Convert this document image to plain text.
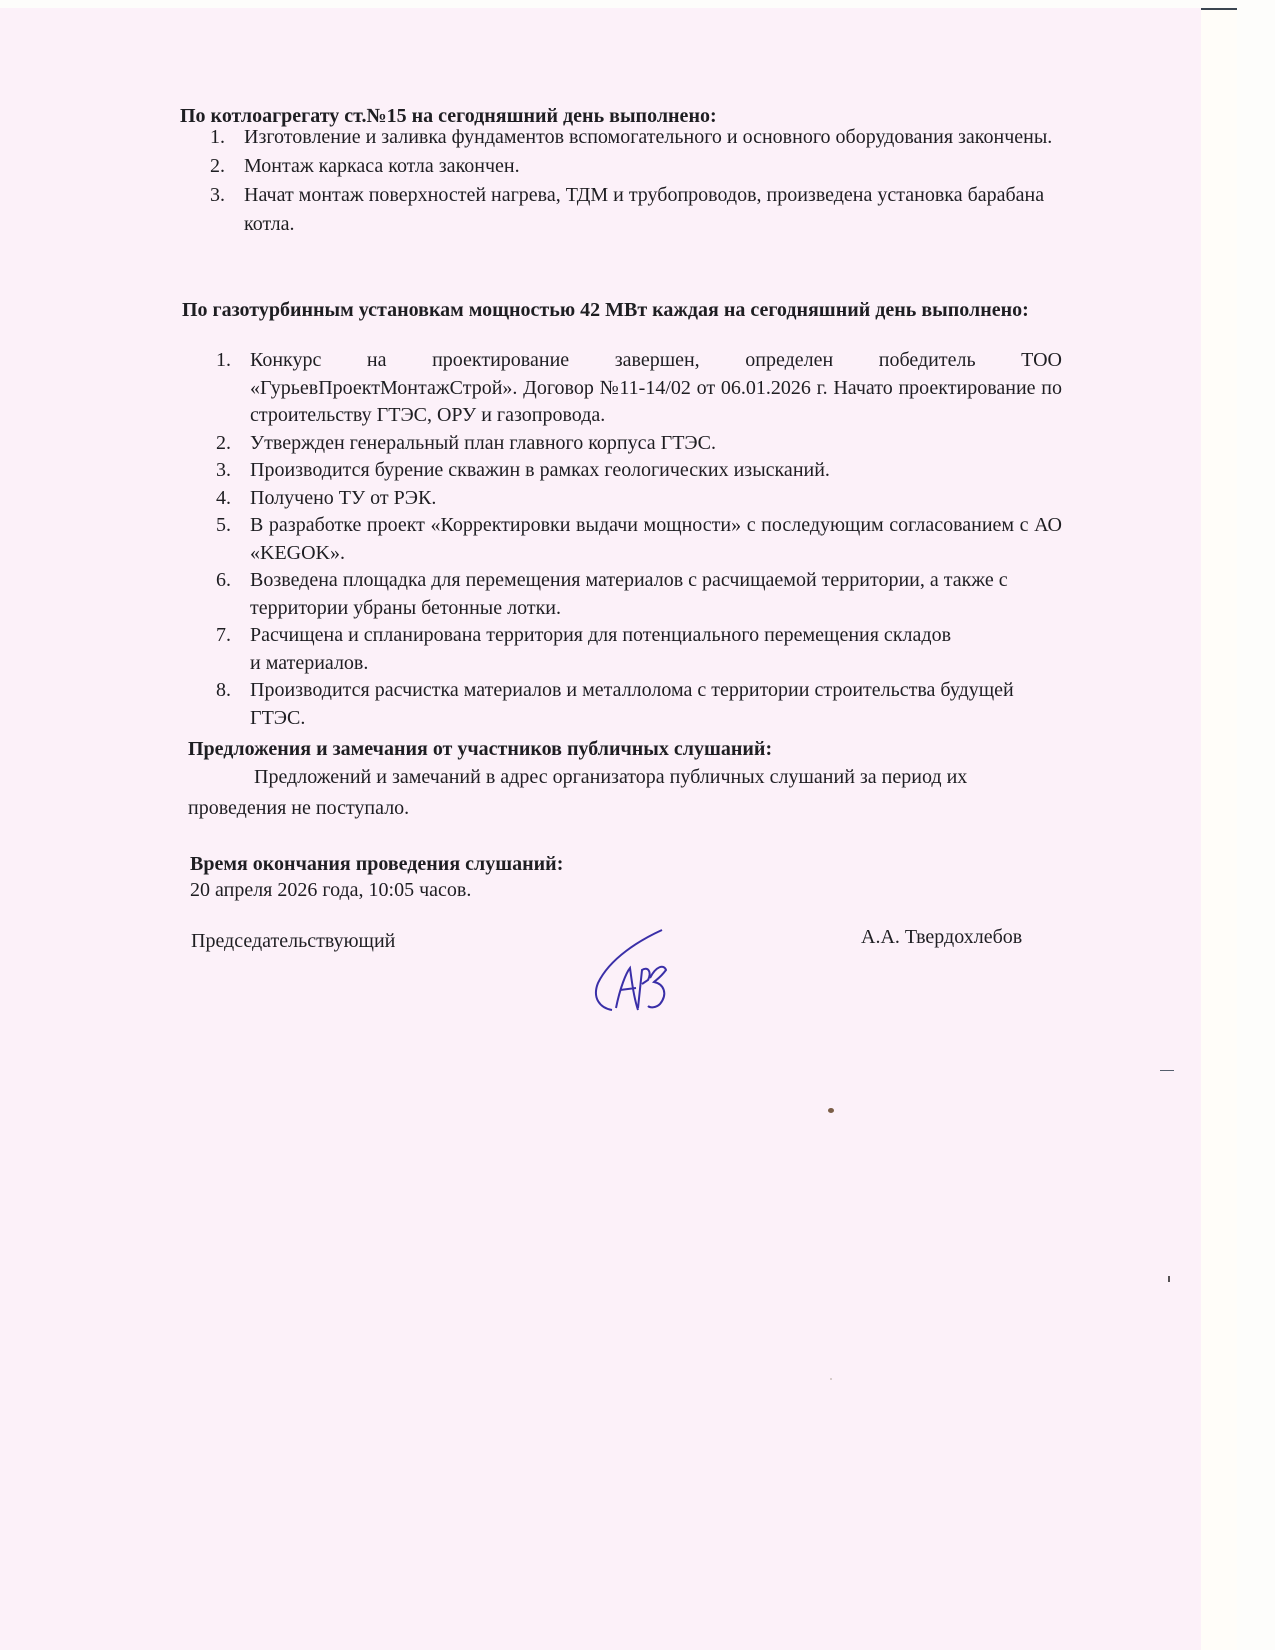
По котлоагрегату ст.№15 на сегодняшний день выполнено:
1. Изготовление и заливка фундаментов вспомогательного и основного оборудования закончены.
2. Монтаж каркаса котла закончен.
3. Начат монтаж поверхностей нагрева, ТДМ и трубопроводов, произведена установка барабана котла.
По газотурбинным установкам мощностью 42 МВт каждая на сегодняшний день выполнено:
1. Конкурс на проектирование завершен, определен победитель ТОО «ГурьевПроектМонтажСтрой». Договор №11-14/02 от 06.01.2026 г. Начато проектирование по строительству ГТЭС, ОРУ и газопровода.
2. Утвержден генеральный план главного корпуса ГТЭС.
3. Производится бурение скважин в рамках геологических изысканий.
4. Получено ТУ от РЭК.
5. В разработке проект «Корректировки выдачи мощности» с последующим согласованием с АО «KEGOK».
6. Возведена площадка для перемещения материалов с расчищаемой территории, а также с территории убраны бетонные лотки.
7. Расчищена и спланирована территория для потенциального перемещения складов и материалов.
8. Производится расчистка материалов и металлолома с территории строительства будущей ГТЭС.
Предложения и замечания от участников публичных слушаний:
Предложений и замечаний в адрес организатора публичных слушаний за период их проведения не поступало.
Время окончания проведения слушаний:
20 апреля 2026 года, 10:05 часов.
Председательствующий	А.А. Твердохлебов
